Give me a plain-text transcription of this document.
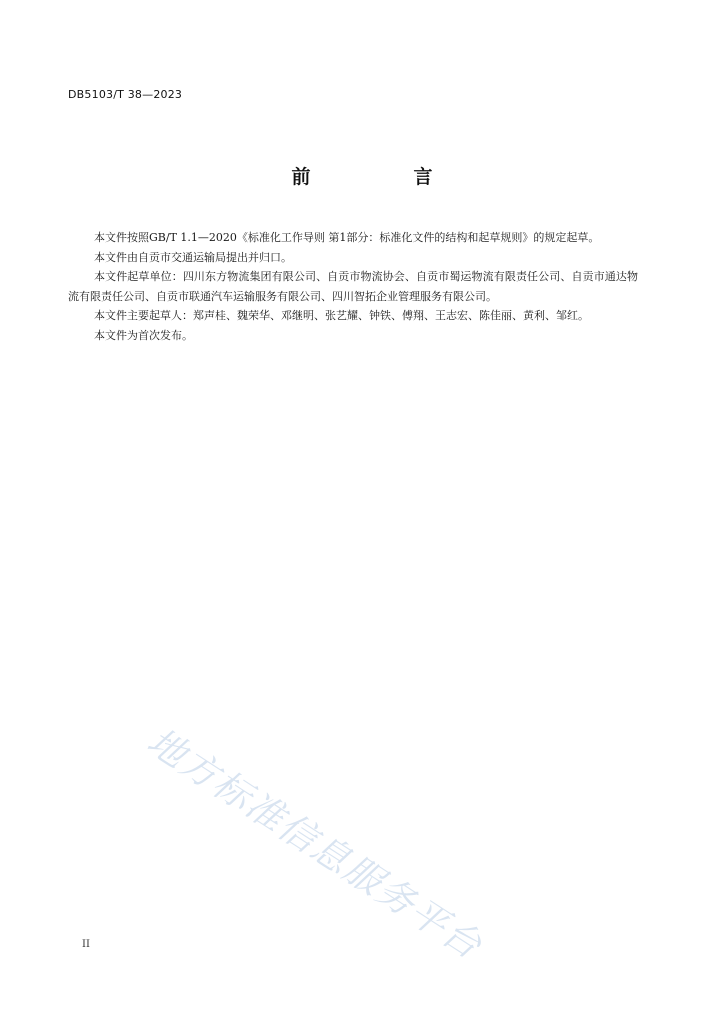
DB5103/T 38—2023
前　言

本文件按照GB/T 1.1—2020《标准化工作导则 第1部分：标准化文件的结构和起草规则》的规定起草。

本文件由自贡市交通运输局提出并归口。

本文件起草单位：四川东方物流集团有限公司、自贡市物流协会、自贡市蜀运物流有限责任公司、自贡市通达物流有限责任公司、自贡市联通汽车运输服务有限公司、四川智拓企业管理服务有限公司。

本文件主要起草人：郑声桂、魏荣华、邓继明、张艺耀、钟铁、傅翔、王志宏、陈佳丽、黄利、邹红。

本文件为首次发布。

地方标准信息服务平台
II
